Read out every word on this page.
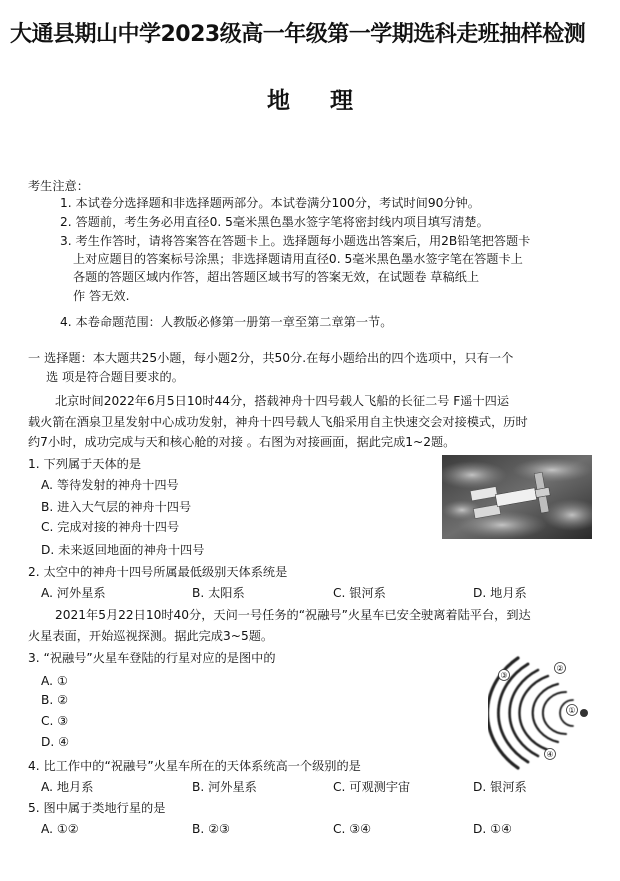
大通县期山中学2023级高一年级第一学期选科走班抽样检测
地理
考生注意：
1. 本试卷分选择题和非选择题两部分。本试卷满分100分，考试时间90分钟。
2. 答题前，考生务必用直径0. 5毫米黑色墨水签字笔将密封线内项目填写清楚。
3. 考生作答时，请将答案答在答题卡上。选择题每小题选出答案后，用2B铅笔把答题卡
上对应题目的答案标号涂黑；非选择题请用直径0. 5毫米黑色墨水签字笔在答题卡上
各题的答题区域内作答，超出答题区域书写的答案无效，在试题卷 草稿纸上
作 答无效.
4. 本卷命题范围：人教版必修第一册第一章至第二章第一节。
一 选择题：本大题共25小题，每小题2分，共50分.在每小题给出的四个选项中，只有一个
选 项是符合题目要求的。
北京时间2022年6月5日10时44分，搭载神舟十四号载人飞船的长征二号 F遥十四运
载火箭在酒泉卫星发射中心成功发射，神舟十四号载人飞船采用自主快速交会对接模式，历时
约7小时，成功完成与天和核心舱的对接 。右图为对接画面，据此完成1~2题。
1. 下列属于天体的是
A. 等待发射的神舟十四号
B. 进入大气层的神舟十四号
C. 完成对接的神舟十四号
D. 未来返回地面的神舟十四号
2. 太空中的神舟十四号所属最低级别天体系统是
A. 河外星系	B. 太阳系	C. 银河系	D. 地月系
2021年5月22日10时40分，天问一号任务的“祝融号”火星车已安全驶离着陆平台，到达
火星表面，开始巡视探测。据此完成3~5题。
3. “祝融号”火星车登陆的行星对应的是图中的
A. ①
B. ②
C. ③
D. ④
③
②
①
④
4. 比工作中的“祝融号”火星车所在的天体系统高一个级别的是
A. 地月系	B. 河外星系	C. 可观测宇宙	D. 银河系
5. 图中属于类地行星的是
A. ①②	B. ②③	C. ③④	D. ①④
